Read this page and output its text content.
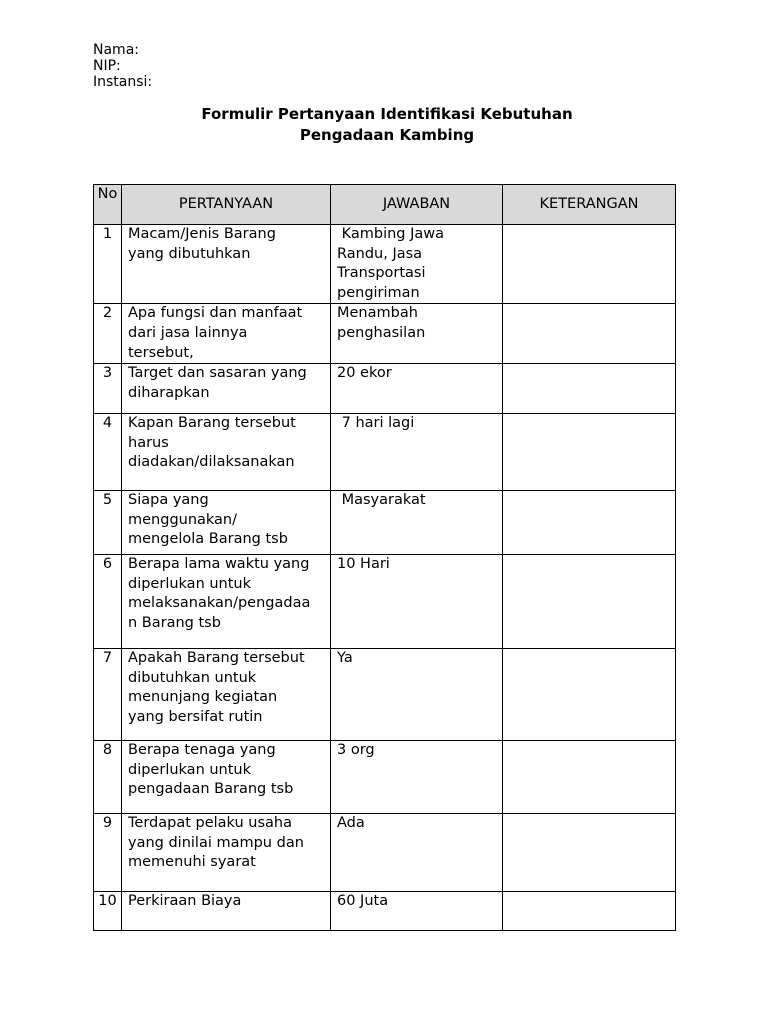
Nama:
NIP:
Instansi:
Formulir Pertanyaan Identifikasi Kebutuhan
Pengadaan Kambing
No	PERTANYAAN	JAWABAN	KETERANGAN
1	Macam/Jenis Barang
yang dibutuhkan	Kambing Jawa
Randu, Jasa
Transportasi
pengiriman	

2	Apa fungsi dan manfaat
dari jasa lainnya
tersebut,	Menambah
penghasilan	

3	Target dan sasaran yang
diharapkan	20 ekor	

4	Kapan Barang tersebut
harus
diadakan/dilaksanakan	7 hari lagi	

5	Siapa yang
menggunakan/
mengelola Barang tsb	Masyarakat	

6	Berapa lama waktu yang
diperlukan untuk
melaksanakan/pengadaa
n Barang tsb	10 Hari	

7	Apakah Barang tersebut
dibutuhkan untuk
menunjang kegiatan
yang bersifat rutin	Ya	

8	Berapa tenaga yang
diperlukan untuk
pengadaan Barang tsb	3 org	

9	Terdapat pelaku usaha
yang dinilai mampu dan
memenuhi syarat	Ada	

10	Perkiraan Biaya	60 Juta	
